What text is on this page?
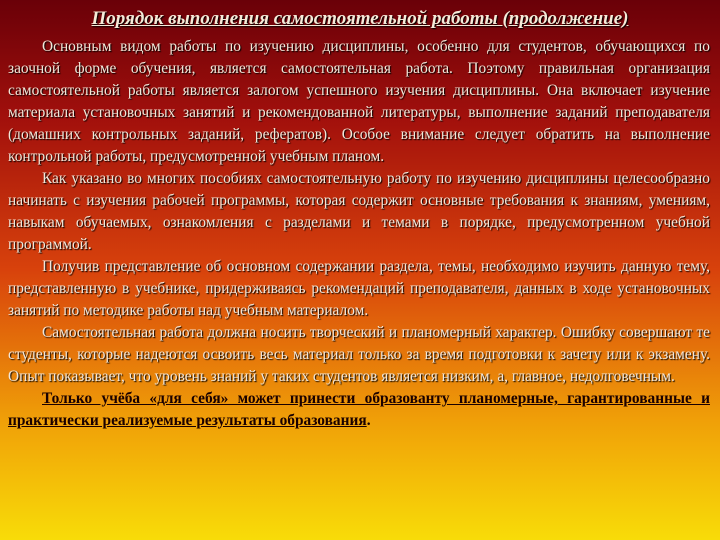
Порядок выполнения самостоятельной работы (продолжение)

Основным видом работы по изучению дисциплины, особенно для студентов, обучающихся по заочной форме обучения, является самостоятельная работа. Поэтому правильная организация самостоятельной работы является залогом успешного изучения дисциплины. Она включает изучение материала установочных занятий и рекомендованной литературы, выполнение заданий преподавателя (домашних контрольных заданий, рефератов). Особое внимание следует обратить на выполнение контрольной работы, предусмотренной учебным планом.

Как указано во многих пособиях самостоятельную работу по изучению дисциплины целесообразно начинать с изучения рабочей программы, которая содержит основные требования к знаниям, умениям, навыкам обучаемых, ознакомления с разделами и темами в порядке, предусмотренном учебной программой.

Получив представление об основном содержании раздела, темы, необходимо изучить данную тему, представленную в учебнике, придерживаясь рекомендаций преподавателя, данных в ходе установочных занятий по методике работы над учебным материалом.

Самостоятельная работа должна носить творческий и планомерный характер. Ошибку совершают те студенты, которые надеются освоить весь материал только за время подготовки к зачету или к экзамену. Опыт показывает, что уровень знаний у таких студентов является низким, а, главное, недолговечным.

Только учёба «для себя» может принести образованту планомерные, гарантированные и практически реализуемые результаты образования.
